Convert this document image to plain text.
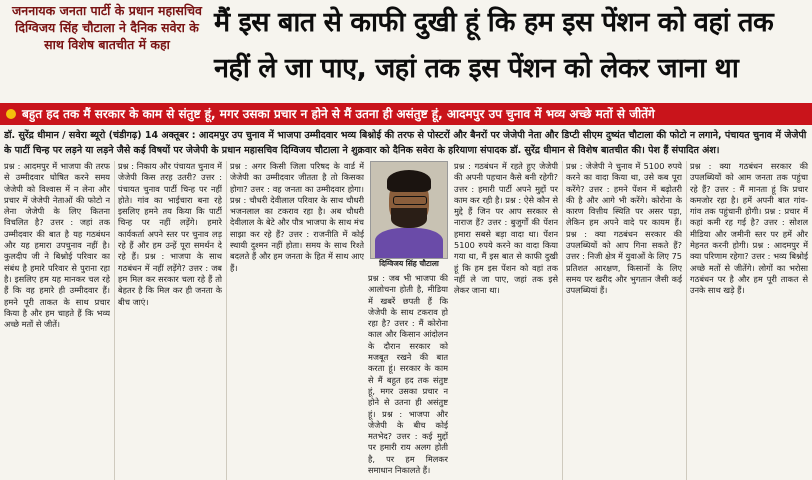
जननायक जनता पार्टी के प्रधान महासचिव दिग्विजय सिंह चौटाला ने दैनिक सवेरा के साथ विशेष बातचीत में कहा
मैं इस बात से काफी दुखी हूं कि हम इस पेंशन को वहां तक नहीं ले जा पाए, जहां तक इस पेंशन को लेकर जाना था
बहुत हद तक मैं सरकार के काम से संतुष्ट हूं, मगर उसका प्रचार न होने से मैं उतना ही असंतुष्ट हूं, आदमपुर उप चुनाव में भव्य अच्छे मतों से जीतेंगे
डॉ. सुरेंद्र धीमान / सवेरा ब्यूरो (चंडीगढ़) 14 अक्तूबर : आदमपुर उप चुनाव में भाजपा उम्मीदवार भव्य बिश्नोई की तरफ से पोस्टरों और बैनरों पर जेजेपी नेता और डिप्टी सीएम दुष्यंत चौटाला की फोटो न लगाने, पंचायत चुनाव में जेजेपी के पार्टी चिन्ह पर लड़ने या लड़ने जैसे कई विषयों पर जेजेपी के प्रधान महासचिव दिग्विजय चौटाला ने शुक्रवार को दैनिक सवेरा के हरियाणा संपादक डॉ. सुरेंद्र धीमान से विशेष बातचीत की। पेश हैं संपादित अंश।
प्रश्न : आदमपुर में भाजपा की तरफ से उम्मीदवार घोषित करने समय जेजेपी को विश्वास में न लेना और प्रचार में जेजेपी नेताओं की फोटो न लेना जेजेपी के लिए कितना विचलित है? उत्तर : जहां तक उम्मीदवार की बात है यह गठबंधन और यह हमारा उपचुनाव नहीं है। कुलदीप जी ने बिश्नोई परिवार का संबंध है हमारे परिवार से पुराना रहा है। इसलिए हम यह मानकर चल रहे हैं कि वह हमारे ही उम्मीदवार हैं। हमने पूरी ताकत के साथ प्रचार किया है और हम चाहते हैं कि भव्य अच्छे मतों से जीतें।
प्रश्न : निकाय और पंचायत चुनाव में जेजेपी किस तरह उतरी? उत्तर : पंचायत चुनाव पार्टी चिन्ह पर नहीं होते। गांव का भाईचारा बना रहे इसलिए हमने तय किया कि पार्टी चिन्ह पर नहीं लड़ेंगे। हमारे कार्यकर्ता अपने स्तर पर चुनाव लड़ रहे हैं और हम उन्हें पूरा समर्थन दे रहे हैं। प्रश्न : भाजपा के साथ गठबंधन में नहीं लड़ेंगे? उत्तर : जब हम मिल कर सरकार चला रहे हैं तो बेहतर है कि मिल कर ही जनता के बीच जाएं।
प्रश्न : अगर किसी जिला परिषद के वार्ड में जेजेपी का उम्मीदवार जीतता है तो किसका होगा? उत्तर : वह जनता का उम्मीदवार होगा। प्रश्न : चौधरी देवीलाल परिवार के साथ चौधरी भजनलाल का टकराव रहा है। अब चौधरी देवीलाल के बेटे और पौत्र भाजपा के साथ मंच साझा कर रहे हैं? उत्तर : राजनीति में कोई स्थायी दुश्मन नहीं होता। समय के साथ रिश्ते बदलते हैं और हम जनता के हित में साथ आए हैं।	दिग्विजय सिंह चौटाला
प्रश्न : जब भी भाजपा की आलोचना होती है, मीडिया में खबरें छपती हैं कि जेजेपी के साथ टकराव हो रहा है? उत्तर : मैं कोरोना काल और किसान आंदोलन के दौरान सरकार को मजबूत रखने की बात करता हूं। सरकार के काम से मैं बहुत हद तक संतुष्ट हूं, मगर उसका प्रचार न होने से उतना ही असंतुष्ट हूं। प्रश्न : भाजपा और जेजेपी के बीच कोई मतभेद? उत्तर : कई मुद्दों पर हमारी राय अलग होती है, पर हम मिलकर समाधान निकालते हैं।
प्रश्न : गठबंधन में रहते हुए जेजेपी की अपनी पहचान कैसे बनी रहेगी? उत्तर : हमारी पार्टी अपने मुद्दों पर काम कर रही है। प्रश्न : ऐसे कौन से मुद्दे हैं जिन पर आप सरकार से नाराज हैं? उत्तर : बुजुर्गों की पेंशन हमारा सबसे बड़ा वादा था। पेंशन 5100 रुपये करने का वादा किया गया था, मैं इस बात से काफी दुखी हूं कि हम इस पेंशन को वहां तक नहीं ले जा पाए, जहां तक इसे लेकर जाना था।
प्रश्न : जेजेपी ने चुनाव में 5100 रुपये करने का वादा किया था, उसे कब पूरा करेंगे? उत्तर : हमने पेंशन में बढ़ोतरी की है और आगे भी करेंगे। कोरोना के कारण वित्तीय स्थिति पर असर पड़ा, लेकिन हम अपने वादे पर कायम हैं। प्रश्न : क्या गठबंधन सरकार की उपलब्धियों को आप गिना सकते हैं? उत्तर : निजी क्षेत्र में युवाओं के लिए 75 प्रतिशत आरक्षण, किसानों के लिए समय पर खरीद और भुगतान जैसी कई उपलब्धियां हैं।
प्रश्न : क्या गठबंधन सरकार की उपलब्धियों को आम जनता तक पहुंचा रहे हैं? उत्तर : मैं मानता हूं कि प्रचार कमजोर रहा है। हमें अपनी बात गांव-गांव तक पहुंचानी होगी। प्रश्न : प्रचार में कहां कमी रह गई है? उत्तर : सोशल मीडिया और जमीनी स्तर पर हमें और मेहनत करनी होगी। प्रश्न : आदमपुर में क्या परिणाम रहेगा? उत्तर : भव्य बिश्नोई अच्छे मतों से जीतेंगे। लोगों का भरोसा गठबंधन पर है और हम पूरी ताकत से उनके साथ खड़े हैं।
